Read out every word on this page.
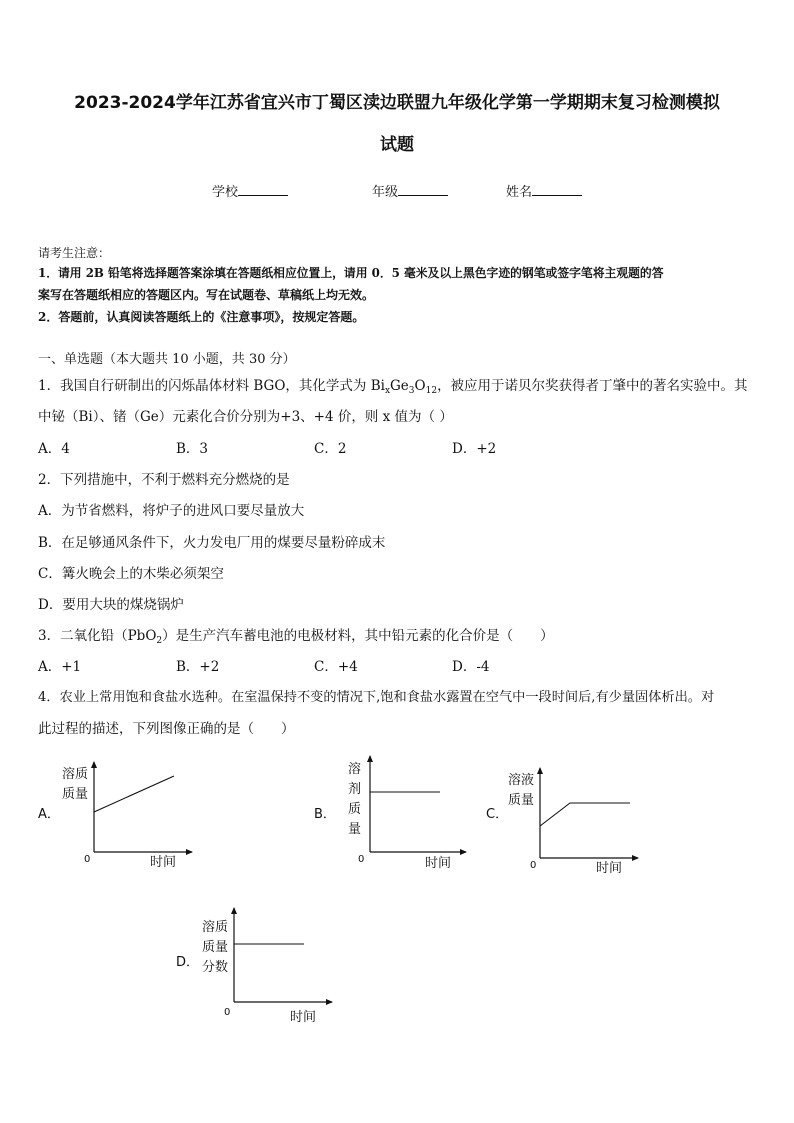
2023-2024学年江苏省宜兴市丁蜀区渎边联盟九年级化学第一学期期末复习检测模拟
试题
学校	年级	姓名
请考生注意：
1．请用 2B 铅笔将选择题答案涂填在答题纸相应位置上，请用 0．5 毫米及以上黑色字迹的钢笔或签字笔将主观题的答
案写在答题纸相应的答题区内。写在试题卷、草稿纸上均无效。
2．答题前，认真阅读答题纸上的《注意事项》，按规定答题。
一、单选题（本大题共 10 小题，共 30 分）
1．我国自行研制出的闪烁晶体材料 BGO，其化学式为 $Bi_xGe_3O_{12}$，被应用于诺贝尔奖获得者丁肇中的著名实验中。其
中铋（Bi）、锗（Ge）元素化合价分别为+3、+4 价，则 x 值为（ ）
A．4	B．3	C．2	D．+2
2．下列措施中，不利于燃料充分燃烧的是
A．为节省燃料，将炉子的进风口要尽量放大
B．在足够通风条件下，火力发电厂用的煤要尽量粉碎成末
C．篝火晚会上的木柴必须架空
D．要用大块的煤烧锅炉
3．二氧化铅（PbO$_2$）是生产汽车蓄电池的电极材料，其中铅元素的化合价是（　　）
A．+1	B．+2	C．+4	D．-4
4．农业上常用饱和食盐水选种。在室温保持不变的情况下,饱和食盐水露置在空气中一段时间后,有少量固体析出。对
此过程的描述，下列图像正确的是（　　）
A．
溶质
质量
0	时间
B．
溶
剂
质
量
0	时间
C．
溶液
质量
0	时间
D．
溶质
质量
分数
0	时间
